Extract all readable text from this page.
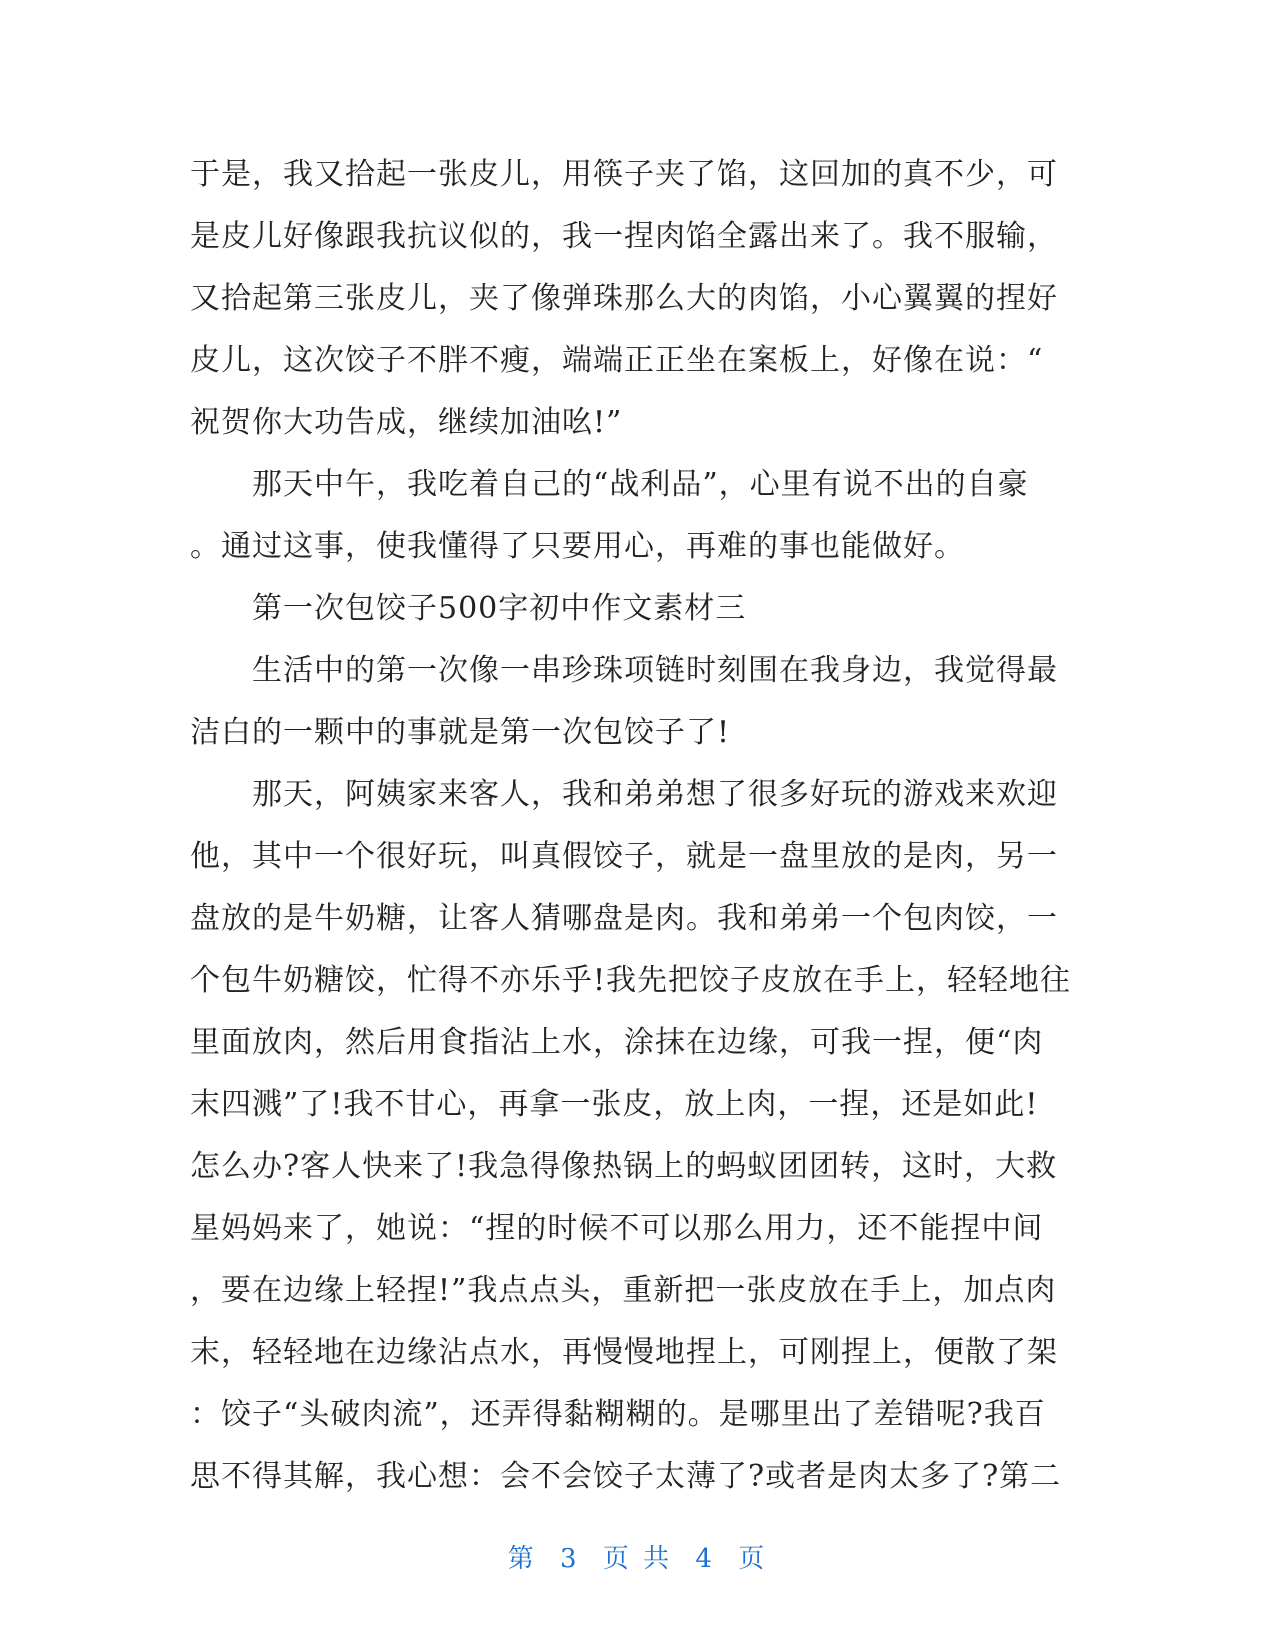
于是，我又拾起一张皮儿，用筷子夹了馅，这回加的真不少，可
是皮儿好像跟我抗议似的，我一捏肉馅全露出来了。我不服输，
又拾起第三张皮儿，夹了像弹珠那么大的肉馅，小心翼翼的捏好
皮儿，这次饺子不胖不瘦，端端正正坐在案板上，好像在说：“
祝贺你大功告成，继续加油吆!”
那天中午，我吃着自己的“战利品”，心里有说不出的自豪
。通过这事，使我懂得了只要用心，再难的事也能做好。
第一次包饺子500字初中作文素材三
生活中的第一次像一串珍珠项链时刻围在我身边，我觉得最
洁白的一颗中的事就是第一次包饺子了!
那天，阿姨家来客人，我和弟弟想了很多好玩的游戏来欢迎
他，其中一个很好玩，叫真假饺子，就是一盘里放的是肉，另一
盘放的是牛奶糖，让客人猜哪盘是肉。我和弟弟一个包肉饺，一
个包牛奶糖饺，忙得不亦乐乎!我先把饺子皮放在手上，轻轻地往
里面放肉，然后用食指沾上水，涂抹在边缘，可我一捏，便“肉
末四溅”了!我不甘心，再拿一张皮，放上肉，一捏，还是如此!
怎么办?客人快来了!我急得像热锅上的蚂蚁团团转，这时，大救
星妈妈来了，她说：“捏的时候不可以那么用力，还不能捏中间
，要在边缘上轻捏!”我点点头，重新把一张皮放在手上，加点肉
末，轻轻地在边缘沾点水，再慢慢地捏上，可刚捏上，便散了架
：饺子“头破肉流”，还弄得黏糊糊的。是哪里出了差错呢?我百
思不得其解，我心想：会不会饺子太薄了?或者是肉太多了?第二
第 3 页 共 4 页
